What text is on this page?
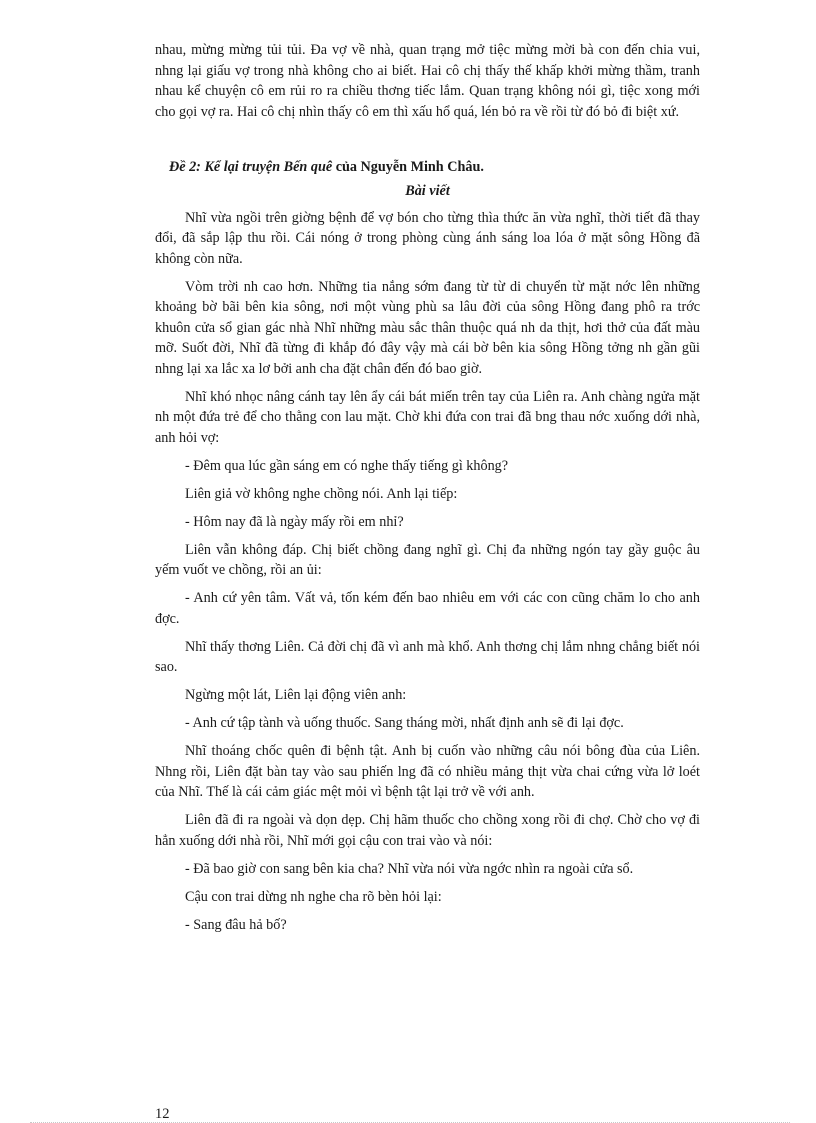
nhau, mừng mừng tủi tủi. Đa vợ về nhà, quan trạng mở tiệc mừng mời bà con đến chia vui, nhng lại giấu vợ trong nhà không cho ai biết. Hai cô chị thấy thế khấp khởi mừng thầm, tranh nhau kể chuyện cô em rủi ro ra chiều thơng tiếc lắm. Quan trạng không nói gì, tiệc xong mới cho gọi vợ ra. Hai cô chị nhìn thấy cô em thì xấu hổ quá, lén bỏ ra về rồi từ đó bỏ đi biệt xứ.

Đề 2: Kể lại truyện Bến quê của Nguyễn Minh Châu.

Bài viết

Nhĩ vừa ngồi trên giờng bệnh để vợ bón cho từng thìa thức ăn vừa nghĩ, thời tiết đã thay đổi, đã sắp lập thu rồi. Cái nóng ở trong phòng cùng ánh sáng loa lóa ở mặt sông Hồng đã không còn nữa.

Vòm trời nh cao hơn. Những tia nắng sớm đang từ từ di chuyển từ mặt nớc lên những khoảng bờ bãi bên kia sông, nơi một vùng phù sa lâu đời của sông Hồng đang phô ra trớc khuôn cửa sổ gian gác nhà Nhĩ những màu sắc thân thuộc quá nh da thịt, hơi thở của đất màu mỡ. Suốt đời, Nhĩ đã từng đi khắp đó đây vậy mà cái bờ bên kia sông Hồng tởng nh gần gũi nhng lại xa lắc xa lơ bởi anh cha đặt chân đến đó bao giờ.

Nhĩ khó nhọc nâng cánh tay lên ẩy cái bát miến trên tay của Liên ra. Anh chàng ngửa mặt nh một đứa trẻ để cho thằng con lau mặt. Chờ khi đứa con trai đã bng thau nớc xuống dới nhà, anh hỏi vợ:

- Đêm qua lúc gần sáng em có nghe thấy tiếng gì không?

Liên giả vờ không nghe chồng nói. Anh lại tiếp:

- Hôm nay đã là ngày mấy rồi em nhỉ?

Liên vẫn không đáp. Chị biết chồng đang nghĩ gì. Chị đa những ngón tay gầy guộc âu yếm vuốt ve chồng, rồi an ủi:

- Anh cứ yên tâm. Vất vả, tốn kém đến bao nhiêu em với các con cũng chăm lo cho anh đợc.

Nhĩ thấy thơng Liên. Cả đời chị đã vì anh mà khổ. Anh thơng chị lắm nhng chẳng biết nói sao.

Ngừng một lát, Liên lại động viên anh:

- Anh cứ tập tành và uống thuốc. Sang tháng mời, nhất định anh sẽ đi lại đợc.

Nhĩ thoáng chốc quên đi bệnh tật. Anh bị cuốn vào những câu nói bông đùa của Liên. Nhng rồi, Liên đặt bàn tay vào sau phiến lng đã có nhiều mảng thịt vừa chai cứng vừa lở loét của Nhĩ. Thế là cái cảm giác mệt mỏi vì bệnh tật lại trở về với anh.

Liên đã đi ra ngoài và dọn dẹp. Chị hãm thuốc cho chồng xong rồi đi chợ. Chờ cho vợ đi hẳn xuống dới nhà rồi, Nhĩ mới gọi cậu con trai vào và nói:

- Đã bao giờ con sang bên kia cha? Nhĩ vừa nói vừa ngớc nhìn ra ngoài cửa sổ.

Cậu con trai dừng nh nghe cha rõ bèn hỏi lại:

- Sang đâu hả bố?

12
